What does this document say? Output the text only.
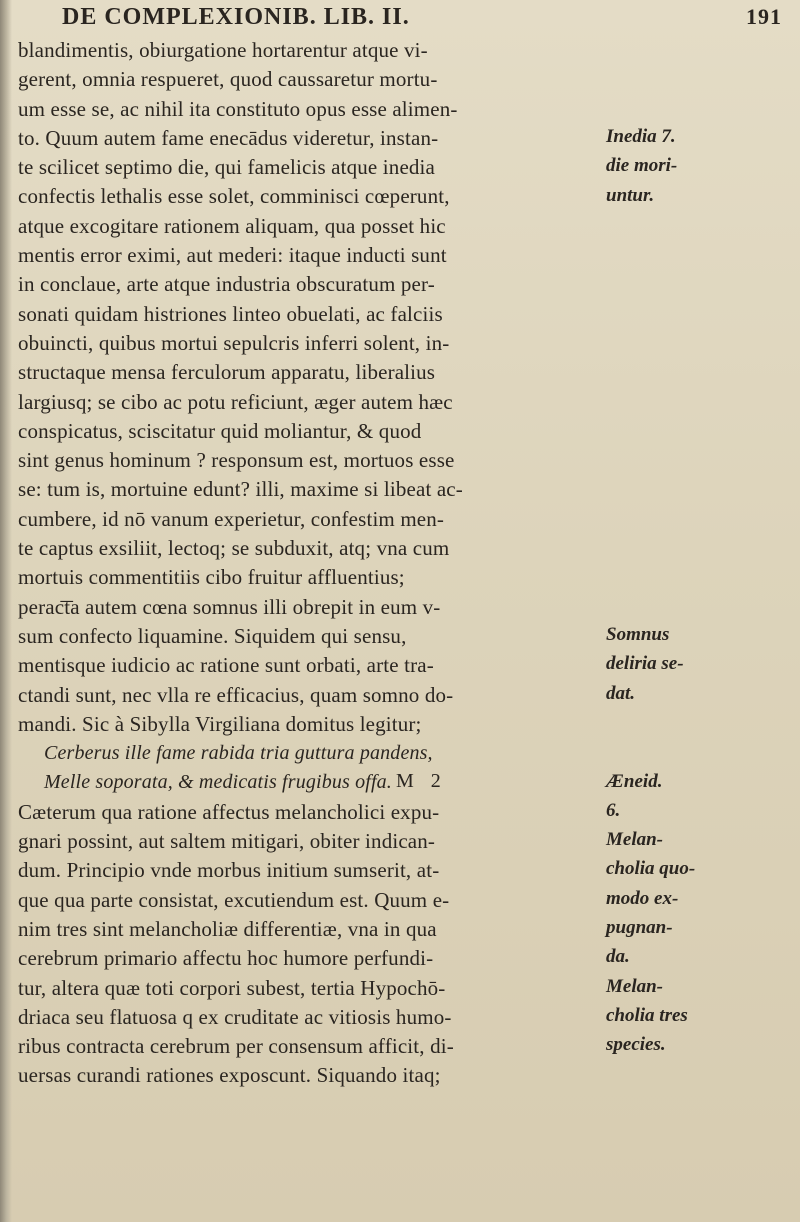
DE COMPLEXIONIB. LIB. II.	191
blandimentis, obiurgatione hortarentur atque vi-
gerent, omnia respueret, quod caussaretur mortu-
um esse se, ac nihil ita constituto opus esse alimen-
to. Quum autem fame enecādus videretur, instan-
te scilicet septimo die, qui famelicis atque inedia
confectis lethalis esse solet, comminisci cœperunt,
atque excogitare rationem aliquam, qua posset hic
mentis error eximi, aut mederi: itaque inducti sunt
in conclaue, arte atque industria obscuratum per-
sonati quidam histriones linteo obuelati, ac falciis
obuincti, quibus mortui sepulcris inferri solent, in-
structaque mensa ferculorum apparatu, liberalius
largiusq; se cibo ac potu reficiunt, æger autem hæc
conspicatus, sciscitatur quid moliantur, & quod
sint genus hominum ? responsum est, mortuos esse
se: tum is, mortuine edunt? illi, maxime si libeat ac-
cumbere, id nō vanum experietur, confestim men-
te captus exsiliit, lectoq; se subduxit, atq; vna cum
mortuis commentitiis cibo fruitur affluentius;
perac͞ta autem cœna somnus illi obrepit in eum v-
sum confecto liquamine. Siquidem qui sensu,
mentisque iudicio ac ratione sunt orbati, arte tra-
ctandi sunt, nec vlla re efficacius, quam somno do-
mandi. Sic à Sibylla Virgiliana domitus legitur;
Cerberus ille fame rabida tria guttura pandens,
Melle soporata, & medicatis frugibus offa.
Cæterum qua ratione affectus melancholici expu-
gnari possint, aut saltem mitigari, obiter indican-
dum. Principio vnde morbus initium sumserit, at-
que qua parte consistat, excutiendum est. Quum e-
nim tres sint melancholiæ differentiæ, vna in qua
cerebrum primario affectu hoc humore perfundi-
tur, altera quæ toti corpori subest, tertia Hypochō-
driaca seu flatuosa q ex cruditate ac vitiosis humo-
ribus contracta cerebrum per consensum afficit, di-
uersas curandi rationes exposcunt. Siquando itaq;
Inedia 7.
die mori-
untur.
Somnus
deliria se-
dat.
Æneid.
6.
Melan-
cholia quo-
modo ex-
pugnan-
da.
Melan-
cholia tres
species.
M 2
